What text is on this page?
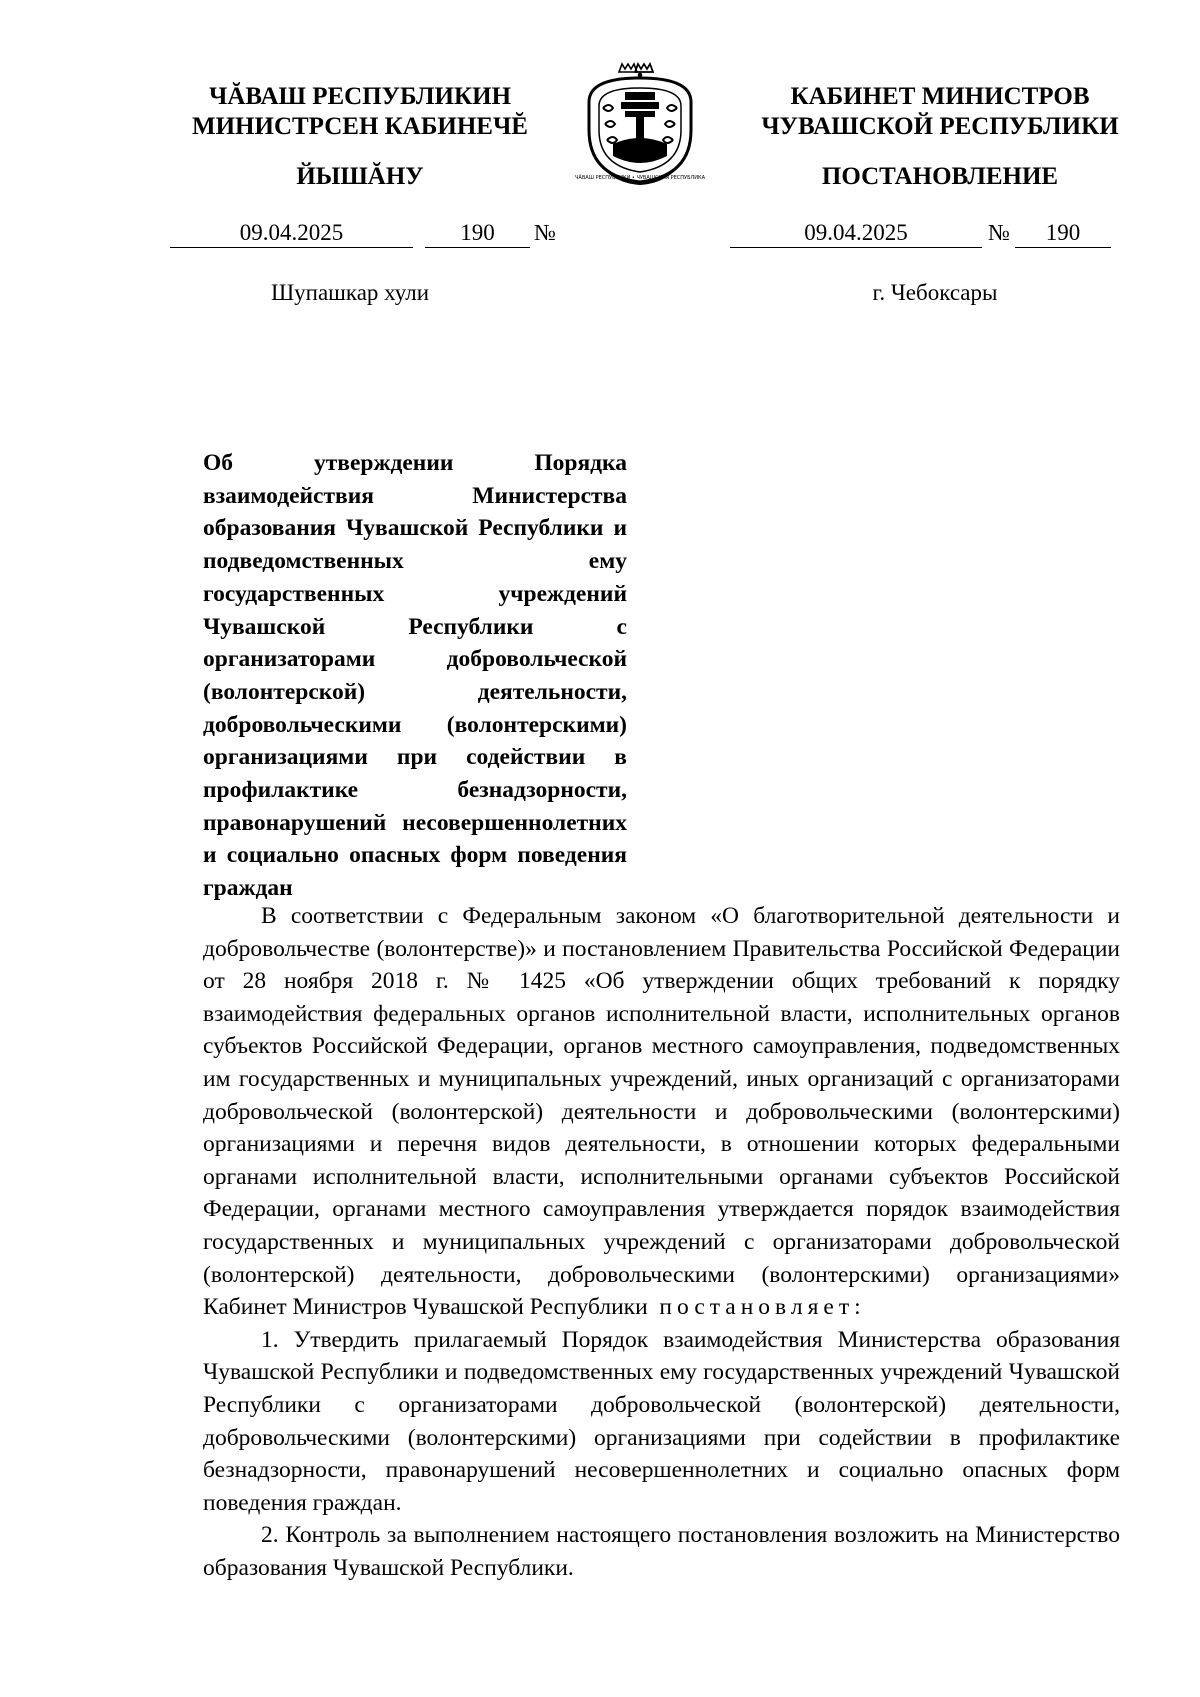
ЧĂВАШ РЕСПУБЛИКИН
МИНИСТРСЕН КАБИНЕЧĔ
ЙЫШĂНУ
КАБИНЕТ МИНИСТРОВ
ЧУВАШСКОЙ РЕСПУБЛИКИ
ПОСТАНОВЛЕНИЕ
ЧĂВАШ РЕСПУБЛИКИ • ЧУВАШСКАЯ РЕСПУБЛИКА
09.04.2025	190	№	09.04.2025	№	190
Шупашкар хули	г. Чебоксары
Об утверждении Порядка взаимодействия Министерства образования Чувашской Республики и подведомственных ему государственных учреждений Чувашской Республики с организаторами добровольческой (волонтерской) деятельности, добровольческими (волонтерскими) организациями при содействии в профилактике безнадзорности, правонарушений несовершеннолетних и социально опасных форм поведения граждан

В соответствии с Федеральным законом «О благотворительной деятельности и добровольчестве (волонтерстве)» и постановлением Правительства Российской Федерации от 28 ноября 2018 г. № 1425 «Об утверждении общих требований к порядку взаимодействия федеральных органов исполнительной власти, исполнительных органов субъектов Российской Федерации, органов местного самоуправления, подведомственных им государственных и муниципальных учреждений, иных организаций с организаторами добровольческой (волонтерской) деятельности и добровольческими (волонтерскими) организациями и перечня видов деятельности, в отношении которых федеральными органами исполнительной власти, исполнительными органами субъектов Российской Федерации, органами местного самоуправления утверждается порядок взаимодействия государственных и муниципальных учреждений с организаторами добровольческой (волонтерской) деятельности, добровольческими (волонтерскими) организациями» Кабинет Министров Чувашской Республики постановляет:

1. Утвердить прилагаемый Порядок взаимодействия Министерства образования Чувашской Республики и подведомственных ему государственных учреждений Чувашской Республики с организаторами добровольческой (волонтерской) деятельности, добровольческими (волонтерскими) организациями при содействии в профилактике безнадзорности, правонарушений несовершеннолетних и социально опасных форм поведения граждан.

2. Контроль за выполнением настоящего постановления возложить на Министерство образования Чувашской Республики.
